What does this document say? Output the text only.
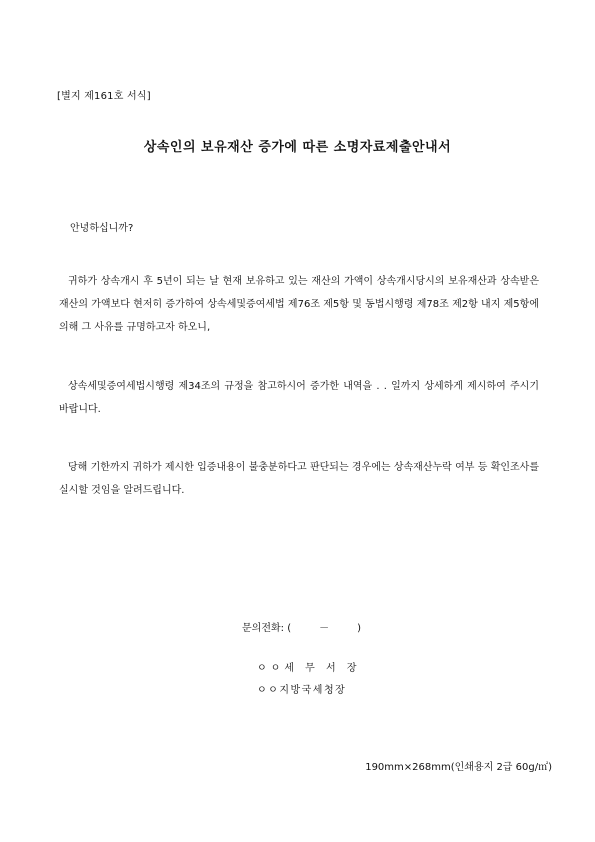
[별지 제161호 서식]
상속인의 보유재산 증가에 따른 소명자료제출안내서
안녕하십니까?
귀하가 상속개시 후 5년이 되는 날 현재 보유하고 있는 재산의 가액이 상속개시당시의 보유재산과 상속받은 재산의 가액보다 현저히 증가하여 상속세및증여세법 제76조 제5항 및 동법시행령 제78조 제2항 내지 제5항에 의해 그 사유를 규명하고자 하오니,
상속세및증여세법시행령 제34조의 규정을 참고하시어 증가한 내역을 . . 일까지 상세하게 제시하여 주시기 바랍니다.
당해 기한까지 귀하가 제시한 입증내용이 불충분하다고 판단되는 경우에는 상속재산누락 여부 등 확인조사를 실시할 것임을 알려드립니다.
문의전화: (	－	)
ㅇㅇ세 무 서 장
ㅇㅇ지방국세청장
190mm×268mm(인쇄용지 2급 60g/㎡)
